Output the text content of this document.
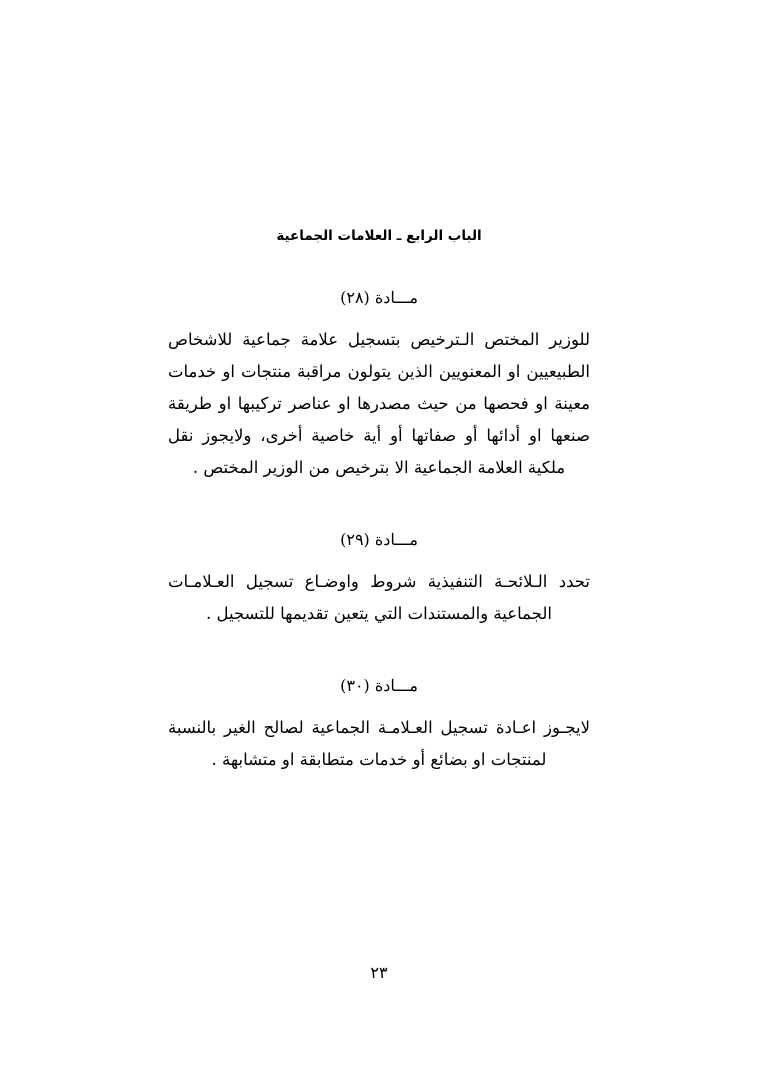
الباب الرابع ـ العلامات الجماعية
مـــادة (٢٨)

للوزير المختص الـترخيص بتسجيل علامة جماعية للاشخاص الطبيعيين او المعنويين الذين يتولون مراقبة منتجات او خدمات معينة او فحصها من حيث مصدرها او عناصر تركيبها او طريقة صنعها او أدائها أو صفاتها أو أية خاصية أخرى، ولايجوز نقل ملكية العلامة الجماعية الا بترخيص من الوزير المختص .

مـــادة (٢٩)

تحدد الـلائحـة التنفيذية شروط واوضـاع تسجيل العـلامـات الجماعية والمستندات التي يتعين تقديمها للتسجيل .

مـــادة (٣٠)

لايجـوز اعـادة تسجيل العـلامـة الجماعية لصالح الغير بالنسبة لمنتجات او بضائع أو خدمات متطابقة او متشابهة .

٢٣
